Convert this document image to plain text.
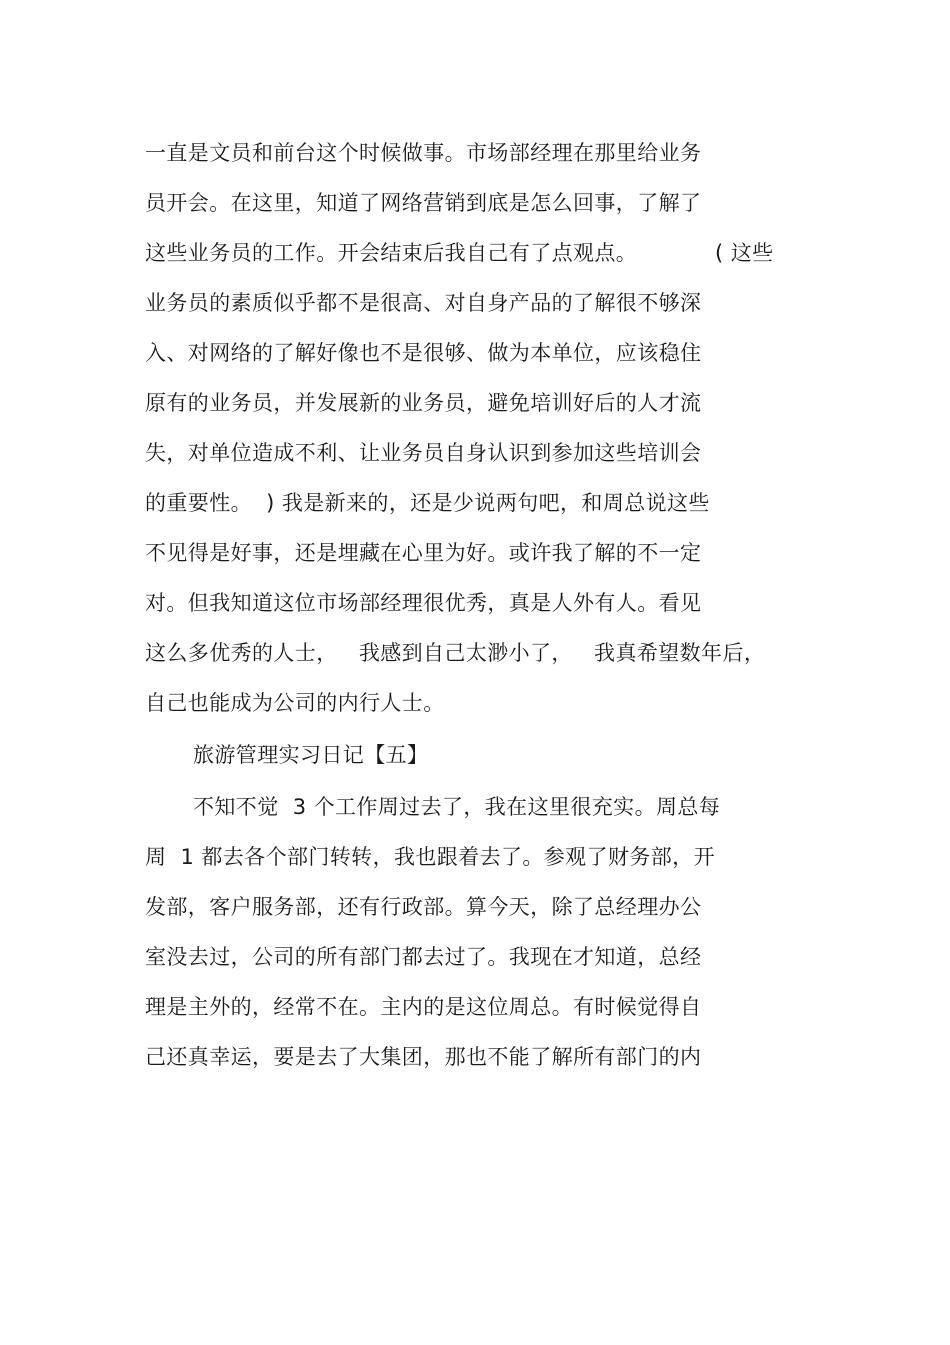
一直是文员和前台这个时候做事。市场部经理在那里给业务
员开会。在这里，知道了网络营销到底是怎么回事，了解了
这些业务员的工作。开会结束后我自己有了点观点。           ( 这些
业务员的素质似乎都不是很高、对自身产品的了解很不够深
入、对网络的了解好像也不是很够、做为本单位，应该稳住
原有的业务员，并发展新的业务员，避免培训好后的人才流
失，对单位造成不利、让业务员自身认识到参加这些培训会
的重要性。  ) 我是新来的，还是少说两句吧，和周总说这些
不见得是好事，还是埋藏在心里为好。或许我了解的不一定
对。但我知道这位市场部经理很优秀，真是人外有人。看见
这么多优秀的人士，   我感到自己太渺小了，   我真希望数年后，
自己也能成为公司的内行人士。
旅游管理实习日记【五】
不知不觉  3 个工作周过去了，我在这里很充实。周总每
周  1 都去各个部门转转，我也跟着去了。参观了财务部，开
发部，客户服务部，还有行政部。算今天，除了总经理办公
室没去过，公司的所有部门都去过了。我现在才知道，总经
理是主外的，经常不在。主内的是这位周总。有时候觉得自
己还真幸运，要是去了大集团，那也不能了解所有部门的内
